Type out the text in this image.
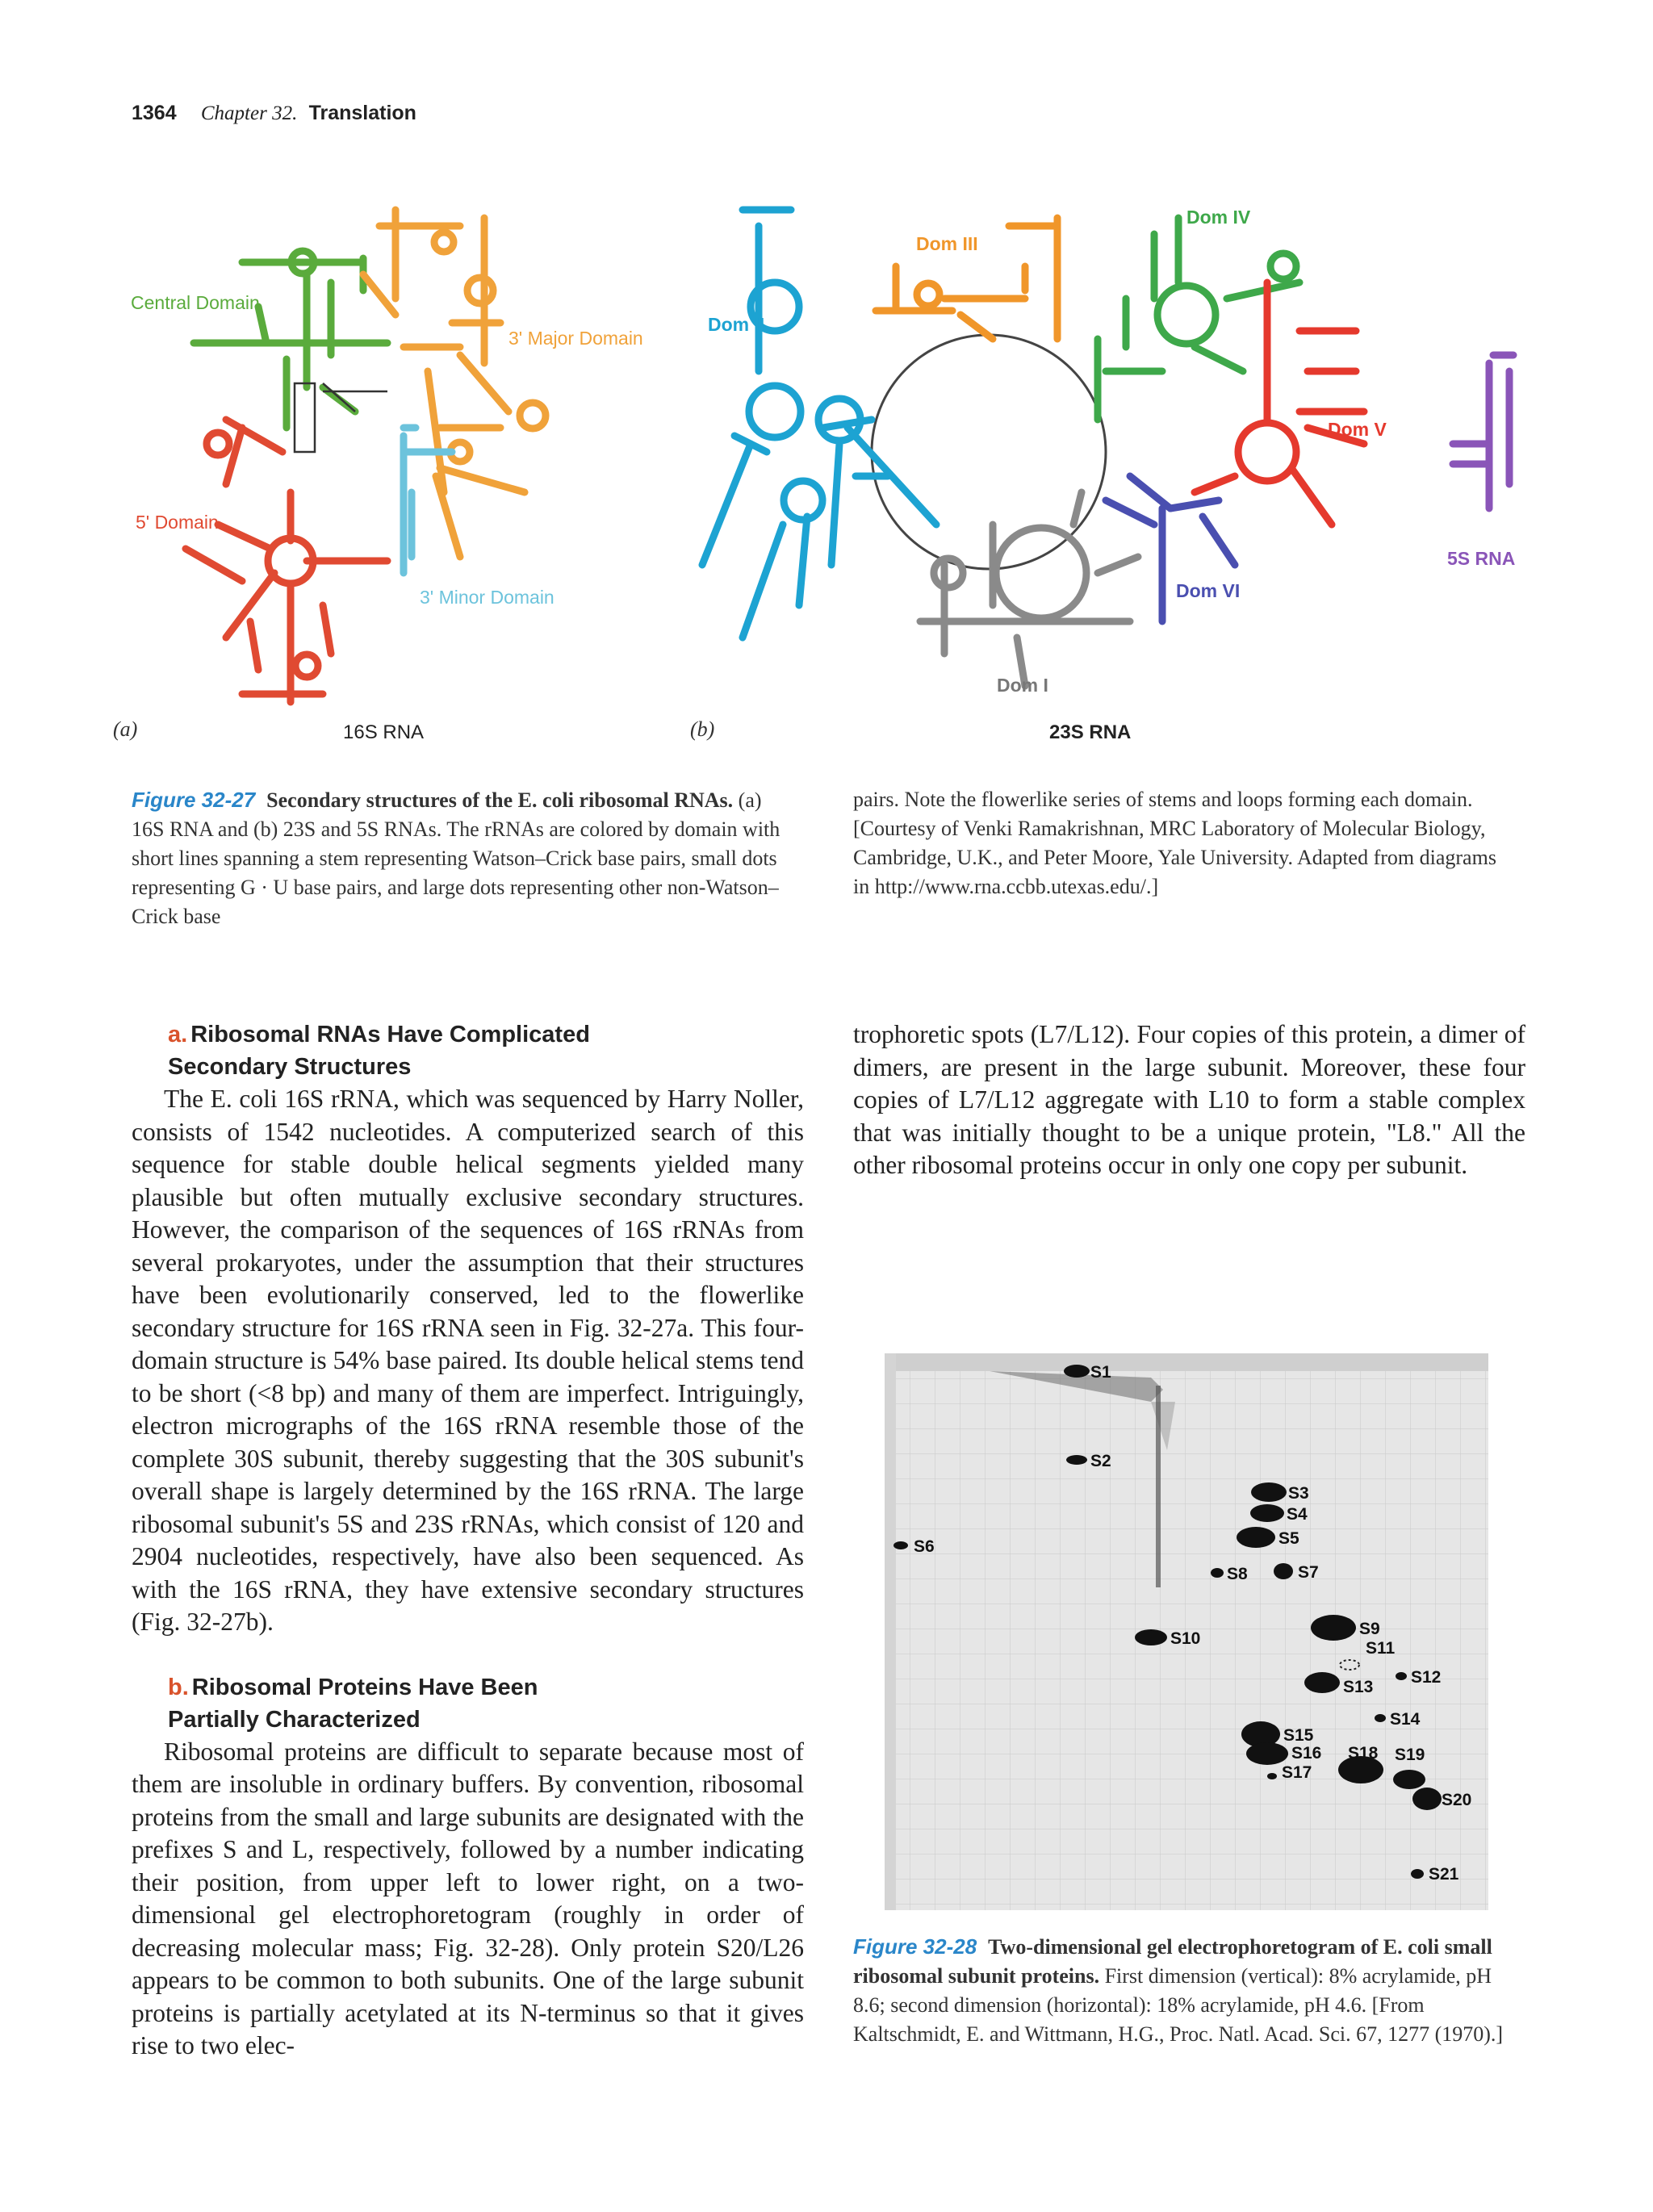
1364 Chapter 32. Translation
Central Domain
3' Major Domain
5' Domain
3' Minor Domain
(a)	16S RNA
Dom IV
Dom III
Dom II
Dom V
Dom VI
Dom I
5S RNA
(b)	23S RNA
Figure 32-27 Secondary structures of the E. coli ribosomal RNAs. (a) 16S RNA and (b) 23S and 5S RNAs. The rRNAs are colored by domain with short lines spanning a stem representing Watson–Crick base pairs, small dots representing G · U base pairs, and large dots representing other non-Watson–Crick base
pairs. Note the flowerlike series of stems and loops forming each domain. [Courtesy of Venki Ramakrishnan, MRC Laboratory of Molecular Biology, Cambridge, U.K., and Peter Moore, Yale University. Adapted from diagrams in http://www.rna.ccbb.utexas.edu/.]
a. Ribosomal RNAs Have Complicated
Secondary Structures

The E. coli 16S rRNA, which was sequenced by Harry Noller, consists of 1542 nucleotides. A computerized search of this sequence for stable double helical segments yielded many plausible but often mutually exclusive secondary structures. However, the comparison of the sequences of 16S rRNAs from several prokaryotes, under the assumption that their structures have been evolutionarily conserved, led to the flowerlike secondary structure for 16S rRNA seen in Fig. 32-27a. This four-domain structure is 54% base paired. Its double helical stems tend to be short (<8 bp) and many of them are imperfect. Intriguingly, electron micrographs of the 16S rRNA resemble those of the complete 30S subunit, thereby suggesting that the 30S subunit's overall shape is largely determined by the 16S rRNA. The large ribosomal subunit's 5S and 23S rRNAs, which consist of 120 and 2904 nucleotides, respectively, have also been sequenced. As with the 16S rRNA, they have extensive secondary structures (Fig. 32-27b).

b. Ribosomal Proteins Have Been
Partially Characterized

Ribosomal proteins are difficult to separate because most of them are insoluble in ordinary buffers. By convention, ribosomal proteins from the small and large subunits are designated with the prefixes S and L, respectively, followed by a number indicating their position, from upper left to lower right, on a two-dimensional gel electrophoretogram (roughly in order of decreasing molecular mass; Fig. 32-28). Only protein S20/L26 appears to be common to both subunits. One of the large subunit proteins is partially acetylated at its N-terminus so that it gives rise to two elec-

trophoretic spots (L7/L12). Four copies of this protein, a dimer of dimers, are present in the large subunit. Moreover, these four copies of L7/L12 aggregate with L10 to form a stable complex that was initially thought to be a unique protein, "L8." All the other ribosomal proteins occur in only one copy per subunit.

S1
S2
S3
S4
S5
S6
S7
S8
S9
S10
S11
S12
S13
S14
S15
S16
S17
S18 S19
S20
S21
Figure 32-28 Two-dimensional gel electrophoretogram of E. coli small ribosomal subunit proteins. First dimension (vertical): 8% acrylamide, pH 8.6; second dimension (horizontal): 18% acrylamide, pH 4.6. [From Kaltschmidt, E. and Wittmann, H.G., Proc. Natl. Acad. Sci. 67, 1277 (1970).]
